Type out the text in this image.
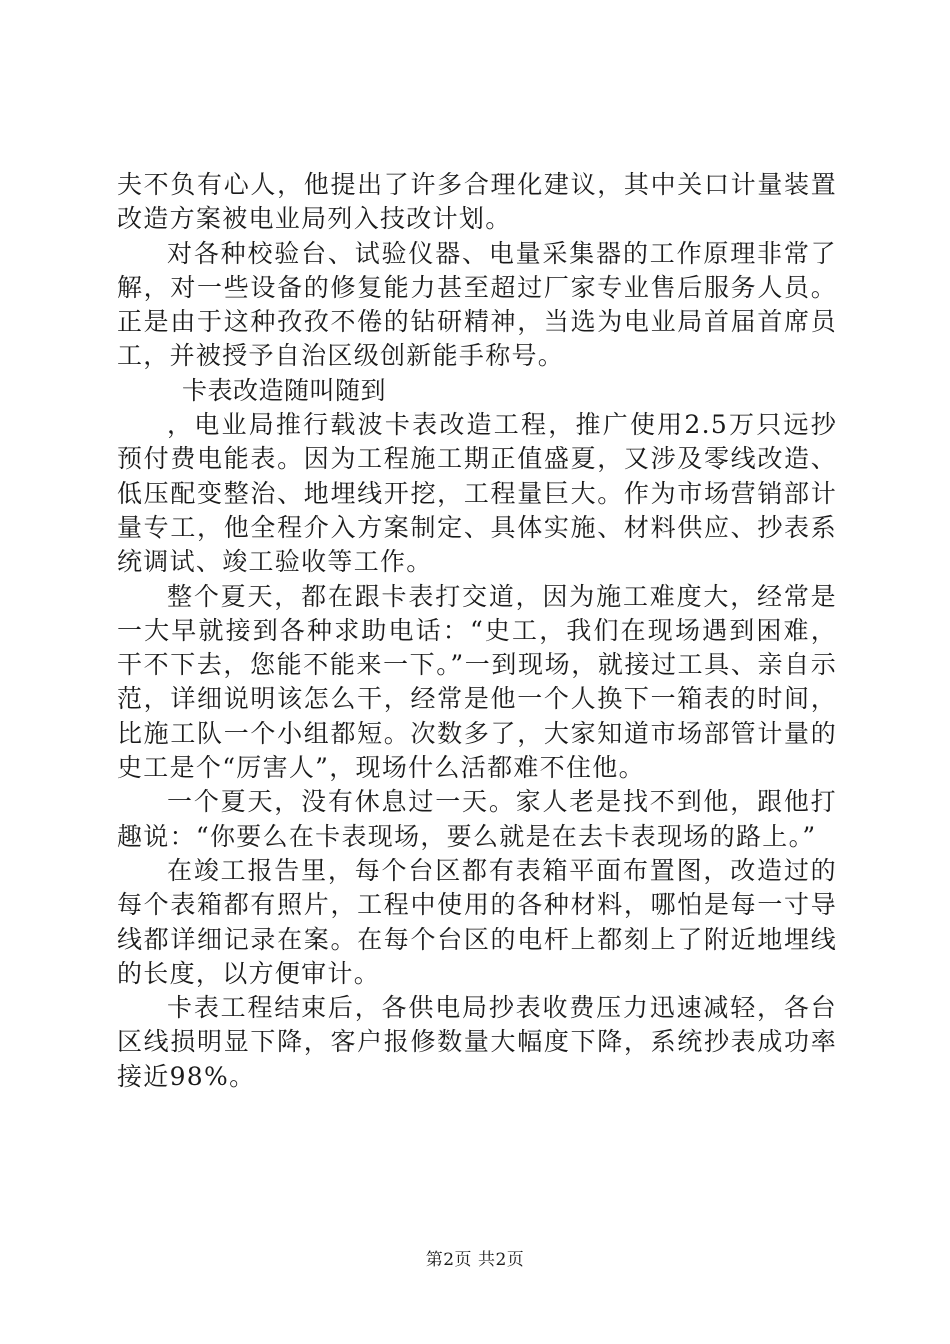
夫不负有心人，他提出了许多合理化建议，其中关口计量装置改造方案被电业局列入技改计划。

对各种校验台、试验仪器、电量采集器的工作原理非常了解，对一些设备的修复能力甚至超过厂家专业售后服务人员。正是由于这种孜孜不倦的钻研精神，当选为电业局首届首席员工，并被授予自治区级创新能手称号。

卡表改造随叫随到

，电业局推行载波卡表改造工程，推广使用2.5万只远抄预付费电能表。因为工程施工期正值盛夏，又涉及零线改造、低压配变整治、地埋线开挖，工程量巨大。作为市场营销部计量专工，他全程介入方案制定、具体实施、材料供应、抄表系统调试、竣工验收等工作。

整个夏天，都在跟卡表打交道，因为施工难度大，经常是一大早就接到各种求助电话：“史工，我们在现场遇到困难，干不下去，您能不能来一下。”一到现场，就接过工具、亲自示范，详细说明该怎么干，经常是他一个人换下一箱表的时间，比施工队一个小组都短。次数多了，大家知道市场部管计量的史工是个“厉害人”，现场什么活都难不住他。

一个夏天，没有休息过一天。家人老是找不到他，跟他打趣说：“你要么在卡表现场，要么就是在去卡表现场的路上。”

在竣工报告里，每个台区都有表箱平面布置图，改造过的每个表箱都有照片，工程中使用的各种材料，哪怕是每一寸导线都详细记录在案。在每个台区的电杆上都刻上了附近地埋线的长度，以方便审计。

卡表工程结束后，各供电局抄表收费压力迅速减轻，各台区线损明显下降，客户报修数量大幅度下降，系统抄表成功率接近98%。

第2页 共2页
